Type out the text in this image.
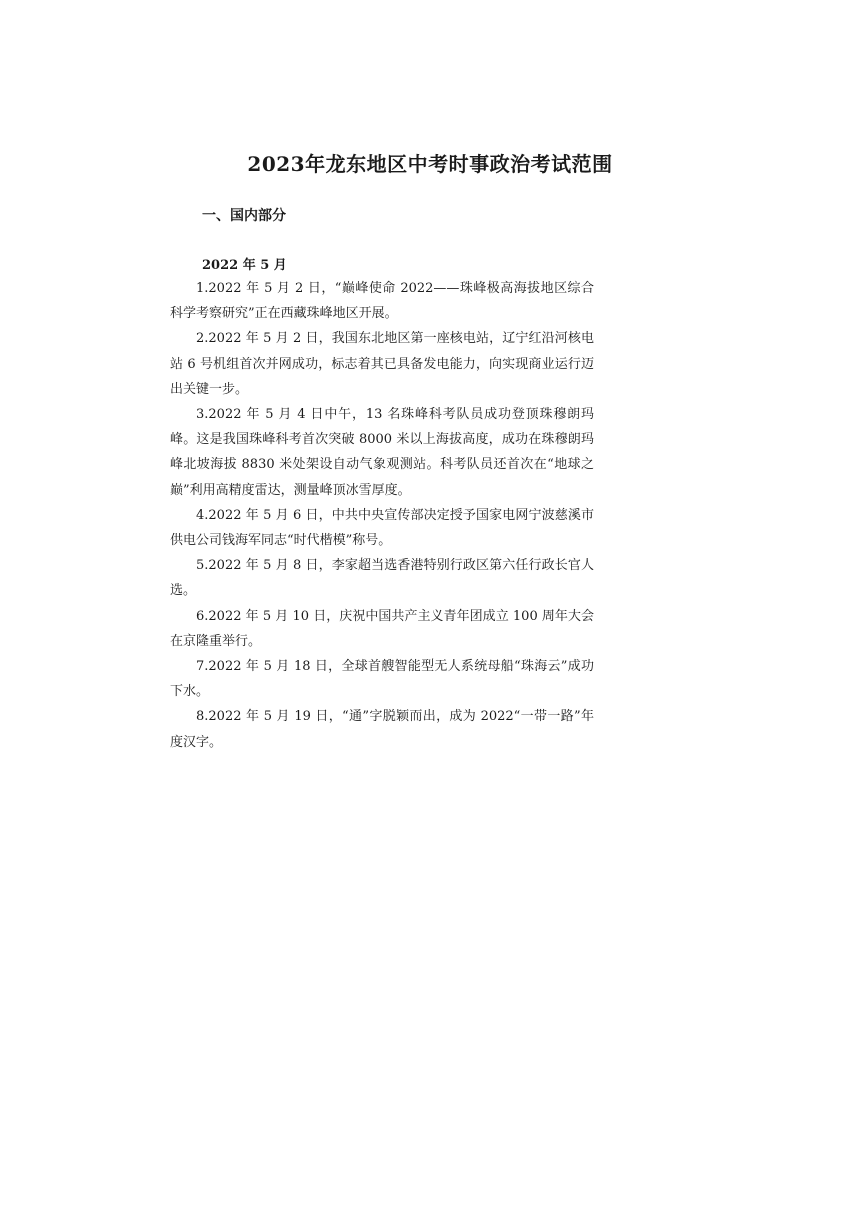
2023年龙东地区中考时事政治考试范围
一、国内部分
2022 年 5 月

1.2022 年 5 月 2 日，“巅峰使命 2022——珠峰极高海拔地区综合科学考察研究”正在西藏珠峰地区开展。

2.2022 年 5 月 2 日，我国东北地区第一座核电站，辽宁红沿河核电站 6 号机组首次并网成功，标志着其已具备发电能力，向实现商业运行迈出关键一步。

3.2022 年 5 月 4 日中午，13 名珠峰科考队员成功登顶珠穆朗玛峰。这是我国珠峰科考首次突破 8000 米以上海拔高度，成功在珠穆朗玛峰北坡海拔 8830 米处架设自动气象观测站。科考队员还首次在“地球之巅”利用高精度雷达，测量峰顶冰雪厚度。

4.2022 年 5 月 6 日，中共中央宣传部决定授予国家电网宁波慈溪市供电公司钱海军同志“时代楷模”称号。

5.2022 年 5 月 8 日，李家超当选香港特别行政区第六任行政长官人选。

6.2022 年 5 月 10 日，庆祝中国共产主义青年团成立 100 周年大会在京隆重举行。

7.2022 年 5 月 18 日，全球首艘智能型无人系统母船“珠海云”成功下水。

8.2022 年 5 月 19 日，“通”字脱颖而出，成为 2022“一带一路”年度汉字。
